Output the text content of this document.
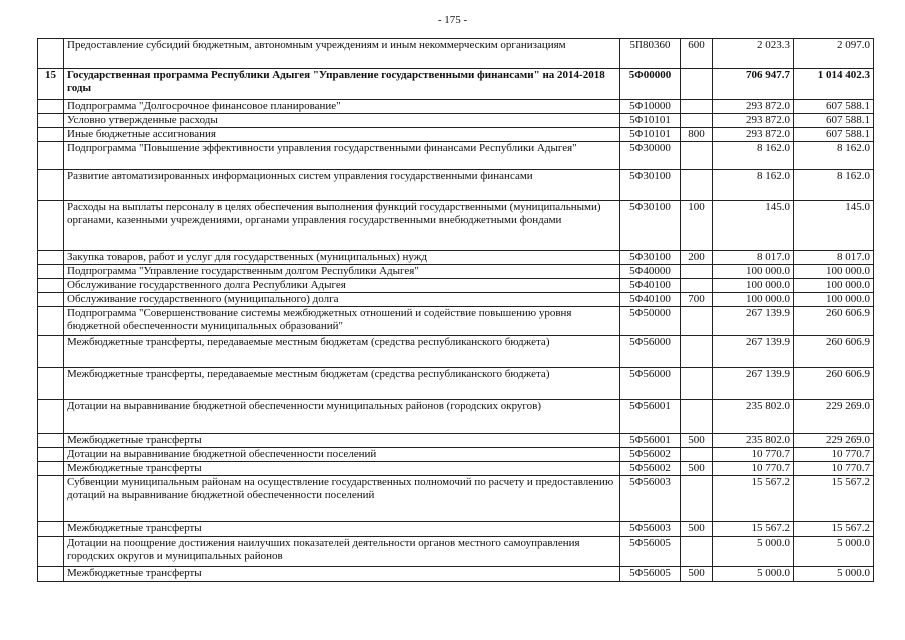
- 175 -
	Предоставление субсидий бюджетным, автономным учреждениям и иным некоммерческим организациям	5П80360	600	2 023.3	2 097.0
15	Государственная программа Республики Адыгея "Управление государственными финансами" на 2014-2018 годы	5Ф00000		706 947.7	1 014 402.3
	Подпрограмма "Долгосрочное финансовое планирование"	5Ф10000		293 872.0	607 588.1
	Условно утвержденные расходы	5Ф10101		293 872.0	607 588.1
	Иные бюджетные ассигнования	5Ф10101	800	293 872.0	607 588.1
	Подпрограмма "Повышение эффективности управления государственными финансами Республики Адыгея"	5Ф30000		8 162.0	8 162.0
	Развитие автоматизированных информационных систем управления государственными финансами	5Ф30100		8 162.0	8 162.0
	Расходы на выплаты персоналу в целях обеспечения выполнения функций государственными (муниципальными) органами, казенными учреждениями, органами управления государственными внебюджетными фондами	5Ф30100	100	145.0	145.0
	Закупка товаров, работ и услуг для государственных (муниципальных) нужд	5Ф30100	200	8 017.0	8 017.0
	Подпрограмма "Управление государственным долгом Республики Адыгея"	5Ф40000		100 000.0	100 000.0
	Обслуживание государственного долга Республики Адыгея	5Ф40100		100 000.0	100 000.0
	Обслуживание государственного (муниципального) долга	5Ф40100	700	100 000.0	100 000.0
	Подпрограмма "Совершенствование системы межбюджетных отношений и содействие повышению уровня бюджетной обеспеченности муниципальных образований"	5Ф50000		267 139.9	260 606.9
	Межбюджетные трансферты, передаваемые местным бюджетам (средства республиканского бюджета)	5Ф56000		267 139.9	260 606.9
	Межбюджетные трансферты, передаваемые местным бюджетам (средства республиканского бюджета)	5Ф56000		267 139.9	260 606.9
	Дотации на выравнивание бюджетной обеспеченности муниципальных районов (городских округов)	5Ф56001		235 802.0	229 269.0
	Межбюджетные трансферты	5Ф56001	500	235 802.0	229 269.0
	Дотации на выравнивание бюджетной обеспеченности поселений	5Ф56002		10 770.7	10 770.7
	Межбюджетные трансферты	5Ф56002	500	10 770.7	10 770.7
	Субвенции муниципальным районам на осуществление государственных полномочий по расчету и предоставлению дотаций на выравнивание бюджетной обеспеченности поселений	5Ф56003		15 567.2	15 567.2
	Межбюджетные трансферты	5Ф56003	500	15 567.2	15 567.2
	Дотации на поощрение достижения наилучших показателей деятельности органов местного самоуправления городских округов и муниципальных районов	5Ф56005		5 000.0	5 000.0
	Межбюджетные трансферты	5Ф56005	500	5 000.0	5 000.0
